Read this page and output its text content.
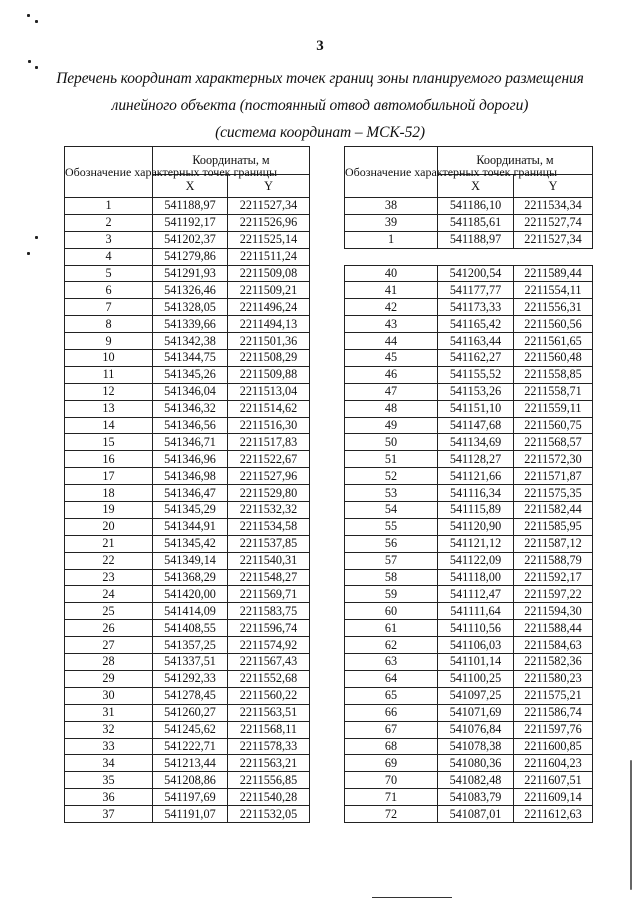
3
Перечень координат характерных точек границ зоны планируемого размещения
линейного объекта (постоянный отвод автомобильной дороги)
(система координат – МСК-52)
Обозначение характерных точек границы	Координаты, м	
	X	Y
1	541188,97	2211527,34
2	541192,17	2211526,96
3	541202,37	2211525,14
4	541279,86	2211511,24
5	541291,93	2211509,08
6	541326,46	2211509,21
7	541328,05	2211496,24
8	541339,66	2211494,13
9	541342,38	2211501,36
10	541344,75	2211508,29
11	541345,26	2211509,88
12	541346,04	2211513,04
13	541346,32	2211514,62
14	541346,56	2211516,30
15	541346,71	2211517,83
16	541346,96	2211522,67
17	541346,98	2211527,96
18	541346,47	2211529,80
19	541345,29	2211532,32
20	541344,91	2211534,58
21	541345,42	2211537,85
22	541349,14	2211540,31
23	541368,29	2211548,27
24	541420,00	2211569,71
25	541414,09	2211583,75
26	541408,55	2211596,74
27	541357,25	2211574,92
28	541337,51	2211567,43
29	541292,33	2211552,68
30	541278,45	2211560,22
31	541260,27	2211563,51
32	541245,62	2211568,11
33	541222,71	2211578,33
34	541213,44	2211563,21
35	541208,86	2211556,85
36	541197,69	2211540,28
37	541191,07	2211532,05
Обозначение характерных точек границы	Координаты, м	
	X	Y
38	541186,10	2211534,34
39	541185,61	2211527,74
1	541188,97	2211527,34

40	541200,54	2211589,44
41	541177,77	2211554,11
42	541173,33	2211556,31
43	541165,42	2211560,56
44	541163,44	2211561,65
45	541162,27	2211560,48
46	541155,52	2211558,85
47	541153,26	2211558,71
48	541151,10	2211559,11
49	541147,68	2211560,75
50	541134,69	2211568,57
51	541128,27	2211572,30
52	541121,66	2211571,87
53	541116,34	2211575,35
54	541115,89	2211582,44
55	541120,90	2211585,95
56	541121,12	2211587,12
57	541122,09	2211588,79
58	541118,00	2211592,17
59	541112,47	2211597,22
60	541111,64	2211594,30
61	541110,56	2211588,44
62	541106,03	2211584,63
63	541101,14	2211582,36
64	541100,25	2211580,23
65	541097,25	2211575,21
66	541071,69	2211586,74
67	541076,84	2211597,76
68	541078,38	2211600,85
69	541080,36	2211604,23
70	541082,48	2211607,51
71	541083,79	2211609,14
72	541087,01	2211612,63
